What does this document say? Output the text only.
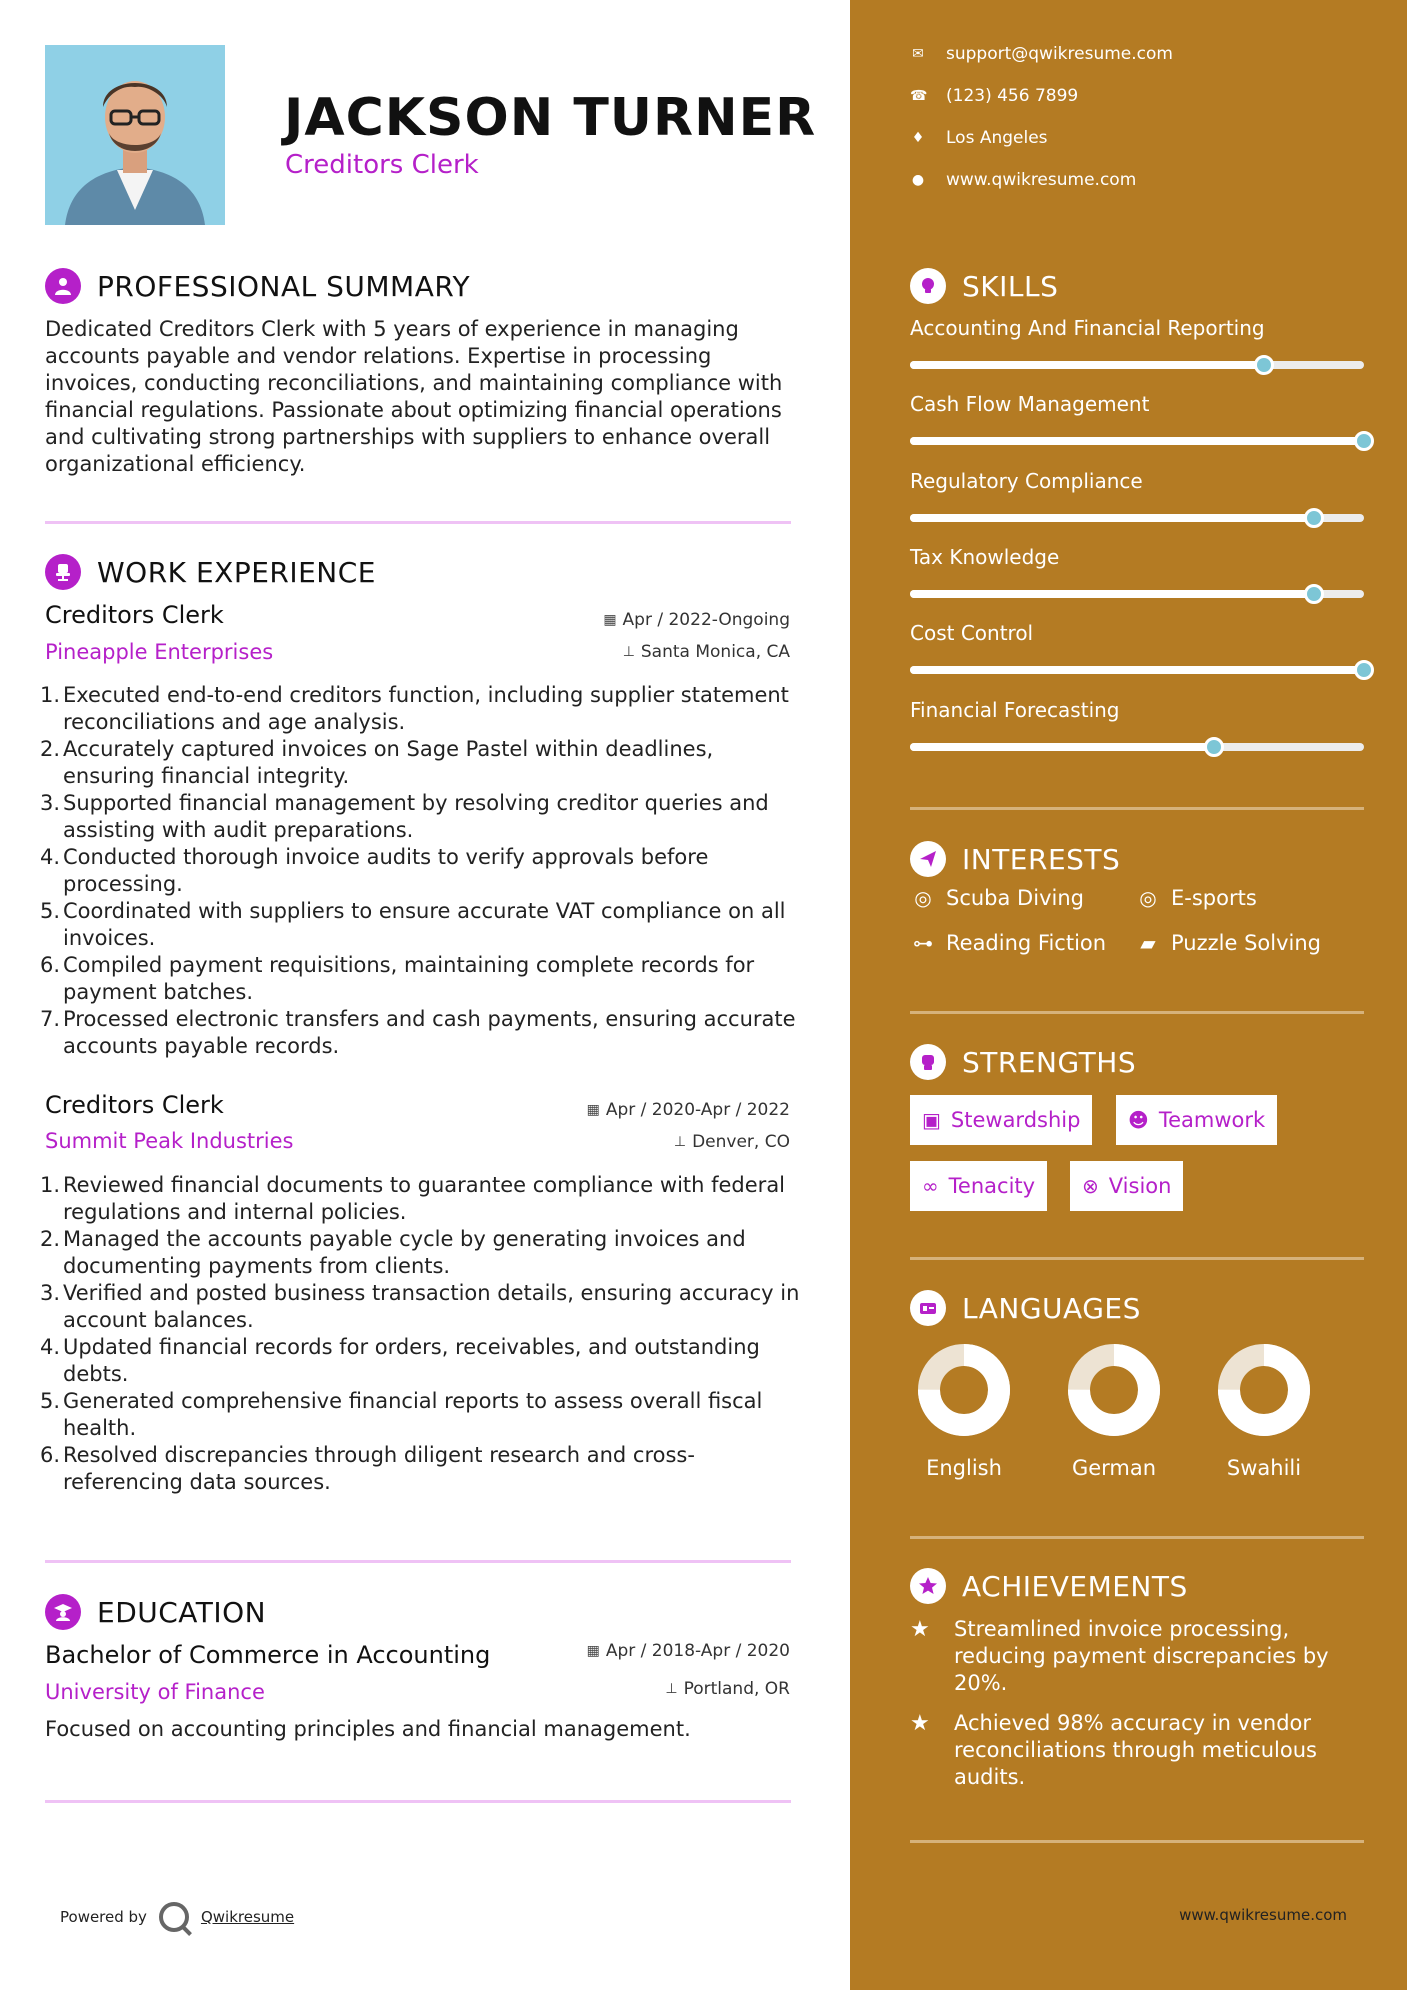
JACKSON TURNER
Creditors Clerk
PROFESSIONAL SUMMARY
Dedicated Creditors Clerk with 5 years of experience in managing accounts payable and vendor relations. Expertise in processing invoices, conducting reconciliations, and maintaining compliance with financial regulations. Passionate about optimizing financial operations and cultivating strong partnerships with suppliers to enhance overall organizational efficiency.
WORK EXPERIENCE
Creditors Clerk
Pineapple Enterprises
▦ Apr / 2022-Ongoing
⊥ Santa Monica, CA
1. Executed end-to-end creditors function, including supplier statement reconciliations and age analysis.
2. Accurately captured invoices on Sage Pastel within deadlines, ensuring financial integrity.
3. Supported financial management by resolving creditor queries and assisting with audit preparations.
4. Conducted thorough invoice audits to verify approvals before processing.
5. Coordinated with suppliers to ensure accurate VAT compliance on all invoices.
6. Compiled payment requisitions, maintaining complete records for payment batches.
7. Processed electronic transfers and cash payments, ensuring accurate accounts payable records.
Creditors Clerk
Summit Peak Industries
▦ Apr / 2020-Apr / 2022
⊥ Denver, CO
1. Reviewed financial documents to guarantee compliance with federal regulations and internal policies.
2. Managed the accounts payable cycle by generating invoices and documenting payments from clients.
3. Verified and posted business transaction details, ensuring accuracy in account balances.
4. Updated financial records for orders, receivables, and outstanding debts.
5. Generated comprehensive financial reports to assess overall fiscal health.
6. Resolved discrepancies through diligent research and cross-referencing data sources.
EDUCATION
Bachelor of Commerce in Accounting
University of Finance
▦ Apr / 2018-Apr / 2020
⊥ Portland, OR
Focused on accounting principles and financial management.
Powered by	Qwikresume
✉ support@qwikresume.com
☎ (123) 456 7899
♦ Los Angeles
● www.qwikresume.com
SKILLS
Accounting And Financial Reporting
Cash Flow Management
Regulatory Compliance
Tax Knowledge
Cost Control
Financial Forecasting
INTERESTS
◎ Scuba Diving	◎ E-sports
⊶ Reading Fiction ▰ Puzzle Solving
STRENGTHS
▣ Stewardship ☻ Teamwork
∞ Tenacity ⊗ Vision
LANGUAGES
English	German	Swahili
ACHIEVEMENTS
★	Streamlined invoice processing, reducing payment discrepancies by 20%.
★	Achieved 98% accuracy in vendor reconciliations through meticulous audits.
www.qwikresume.com
